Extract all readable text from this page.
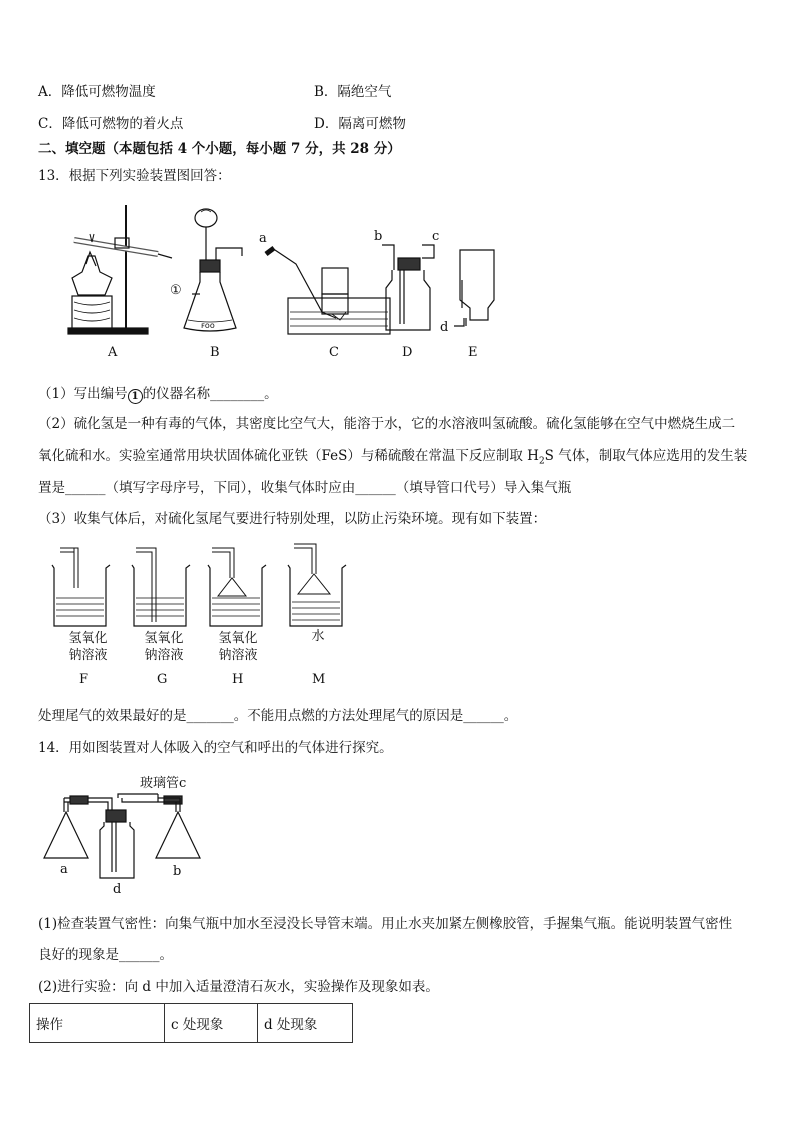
A．降低可燃物温度	B．隔绝空气
C．降低可燃物的着火点	D．隔离可燃物
二、填空题（本题包括 4 个小题，每小题 7 分，共 28 分）
13．根据下列实验装置图回答：
ꜰᴏᴏ
A	B	C	D	E
a	b	c
d
①
（1）写出编号 1 的仪器名称________。
（2）硫化氢是一种有毒的气体，其密度比空气大，能溶于水，它的水溶液叫氢硫酸。硫化氢能够在空气中燃烧生成二
氧化硫和水。实验室通常用块状固体硫化亚铁（FeS）与稀硫酸在常温下反应制取 $H_2S$ 气体，制取气体应选用的发生装
置是______（填写字母序号，下同），收集气体时应由______（填导管口代号）导入集气瓶
（3）收集气体后，对硫化氢尾气要进行特别处理，以防止污染环境。现有如下装置：
氢氧化
钠溶液
氢氧化
钠溶液
氢氧化
钠溶液
水
F	G	H	M
处理尾气的效果最好的是_______。不能用点燃的方法处理尾气的原因是______。
14．用如图装置对人体吸入的空气和呼出的气体进行探究。
玻璃管c
a	b
d
(1)检查装置气密性：向集气瓶中加水至浸没长导管末端。用止水夹加紧左侧橡胶管，手握集气瓶。能说明装置气密性
良好的现象是______。
(2)进行实验：向 d 中加入适量澄清石灰水，实验操作及现象如表。
操作	c 处现象	d 处现象
